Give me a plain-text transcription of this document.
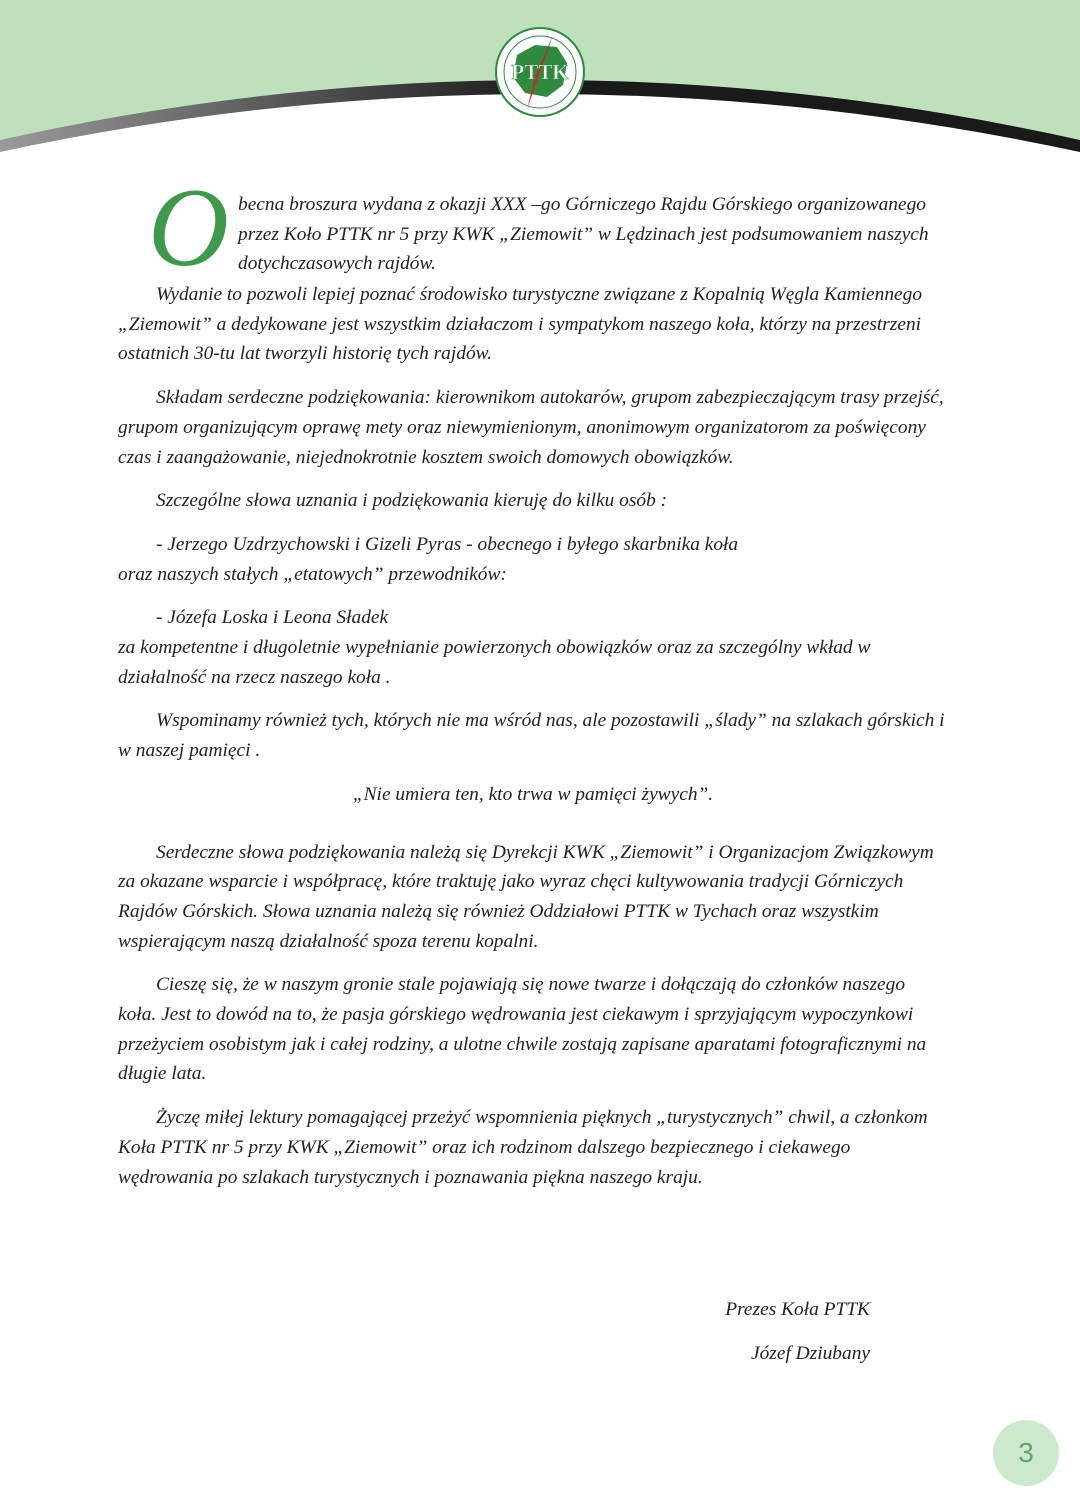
PTTK
O becna broszura wydana z okazji XXX –go Górniczego Rajdu Górskiego organizowanego przez Koło PTTK nr 5 przy KWK „Ziemowit” w Lędzinach jest podsumowaniem naszych dotychczasowych rajdów.

Wydanie to pozwoli lepiej poznać środowisko turystyczne związane z Kopalnią Węgla Kamiennego „Ziemowit” a dedykowane jest wszystkim działaczom i sympatykom naszego koła, którzy na przestrzeni ostatnich 30-tu lat tworzyli historię tych rajdów.

Składam serdeczne podziękowania: kierownikom autokarów, grupom zabezpieczającym trasy przejść, grupom organizującym oprawę mety oraz niewymienionym, anonimowym organizatorom za poświęcony czas i zaangażowanie, niejednokrotnie kosztem swoich domowych obowiązków.

Szczególne słowa uznania i podziękowania kieruję do kilku osób :

- Jerzego Uzdrzychowski i Gizeli Pyras - obecnego i byłego skarbnika koła

oraz naszych stałych „etatowych” przewodników:

- Józefa Loska i Leona Sładek

za kompetentne i długoletnie wypełnianie powierzonych obowiązków oraz za szczególny wkład w działalność na rzecz naszego koła .

Wspominamy również tych, których nie ma wśród nas, ale pozostawili „ślady” na szlakach górskich i w naszej pamięci .

„Nie umiera ten, kto trwa w pamięci żywych”.

Serdeczne słowa podziękowania należą się Dyrekcji KWK „Ziemowit” i Organizacjom Związkowym za okazane wsparcie i współpracę, które traktuję jako wyraz chęci kultywowania tradycji Górniczych Rajdów Górskich. Słowa uznania należą się również Oddziałowi PTTK w Tychach oraz wszystkim wspierającym naszą działalność spoza terenu kopalni.

Cieszę się, że w naszym gronie stale pojawiają się nowe twarze i dołączają do członków naszego koła. Jest to dowód na to, że pasja górskiego wędrowania jest ciekawym i sprzyjającym wypoczynkowi przeżyciem osobistym jak i całej rodziny, a ulotne chwile zostają zapisane aparatami fotograficznymi na długie lata.

Życzę miłej lektury pomagającej przeżyć wspomnienia pięknych „turystycznych” chwil, a członkom Koła PTTK nr 5 przy KWK „Ziemowit” oraz ich rodzinom dalszego bezpiecznego i ciekawego wędrowania po szlakach turystycznych i poznawania piękna naszego kraju.

Prezes Koła PTTK
Józef Dziubany
3
